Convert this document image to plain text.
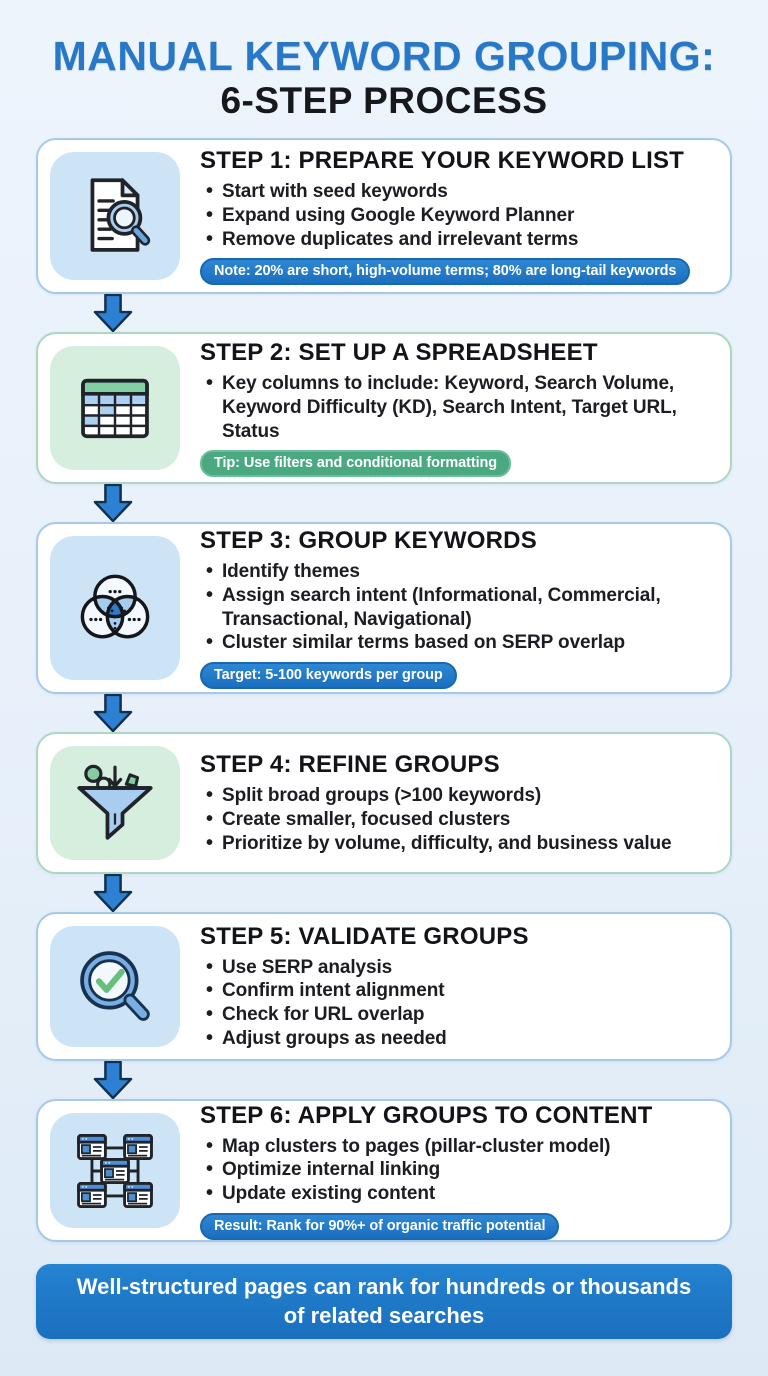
MANUAL KEYWORD GROUPING:
6-STEP PROCESS
STEP 1: PREPARE YOUR KEYWORD LIST
• Start with seed keywords
• Expand using Google Keyword Planner
• Remove duplicates and irrelevant terms
Note: 20% are short, high-volume terms; 80% are long-tail keywords
STEP 2: SET UP A SPREADSHEET
• Key columns to include: Keyword, Search Volume, Keyword Difficulty (KD), Search Intent, Target URL, Status
Tip: Use filters and conditional formatting
STEP 3: GROUP KEYWORDS
• Identify themes
• Assign search intent (Informational, Commercial, Transactional, Navigational)
• Cluster similar terms based on SERP overlap
Target: 5-100 keywords per group
STEP 4: REFINE GROUPS
• Split broad groups (>100 keywords)
• Create smaller, focused clusters
• Prioritize by volume, difficulty, and business value
STEP 5: VALIDATE GROUPS
• Use SERP analysis
• Confirm intent alignment
• Check for URL overlap
• Adjust groups as needed
STEP 6: APPLY GROUPS TO CONTENT
• Map clusters to pages (pillar-cluster model)
• Optimize internal linking
• Update existing content
Result: Rank for 90%+ of organic traffic potential
Well-structured pages can rank for hundreds or thousands of related searches
